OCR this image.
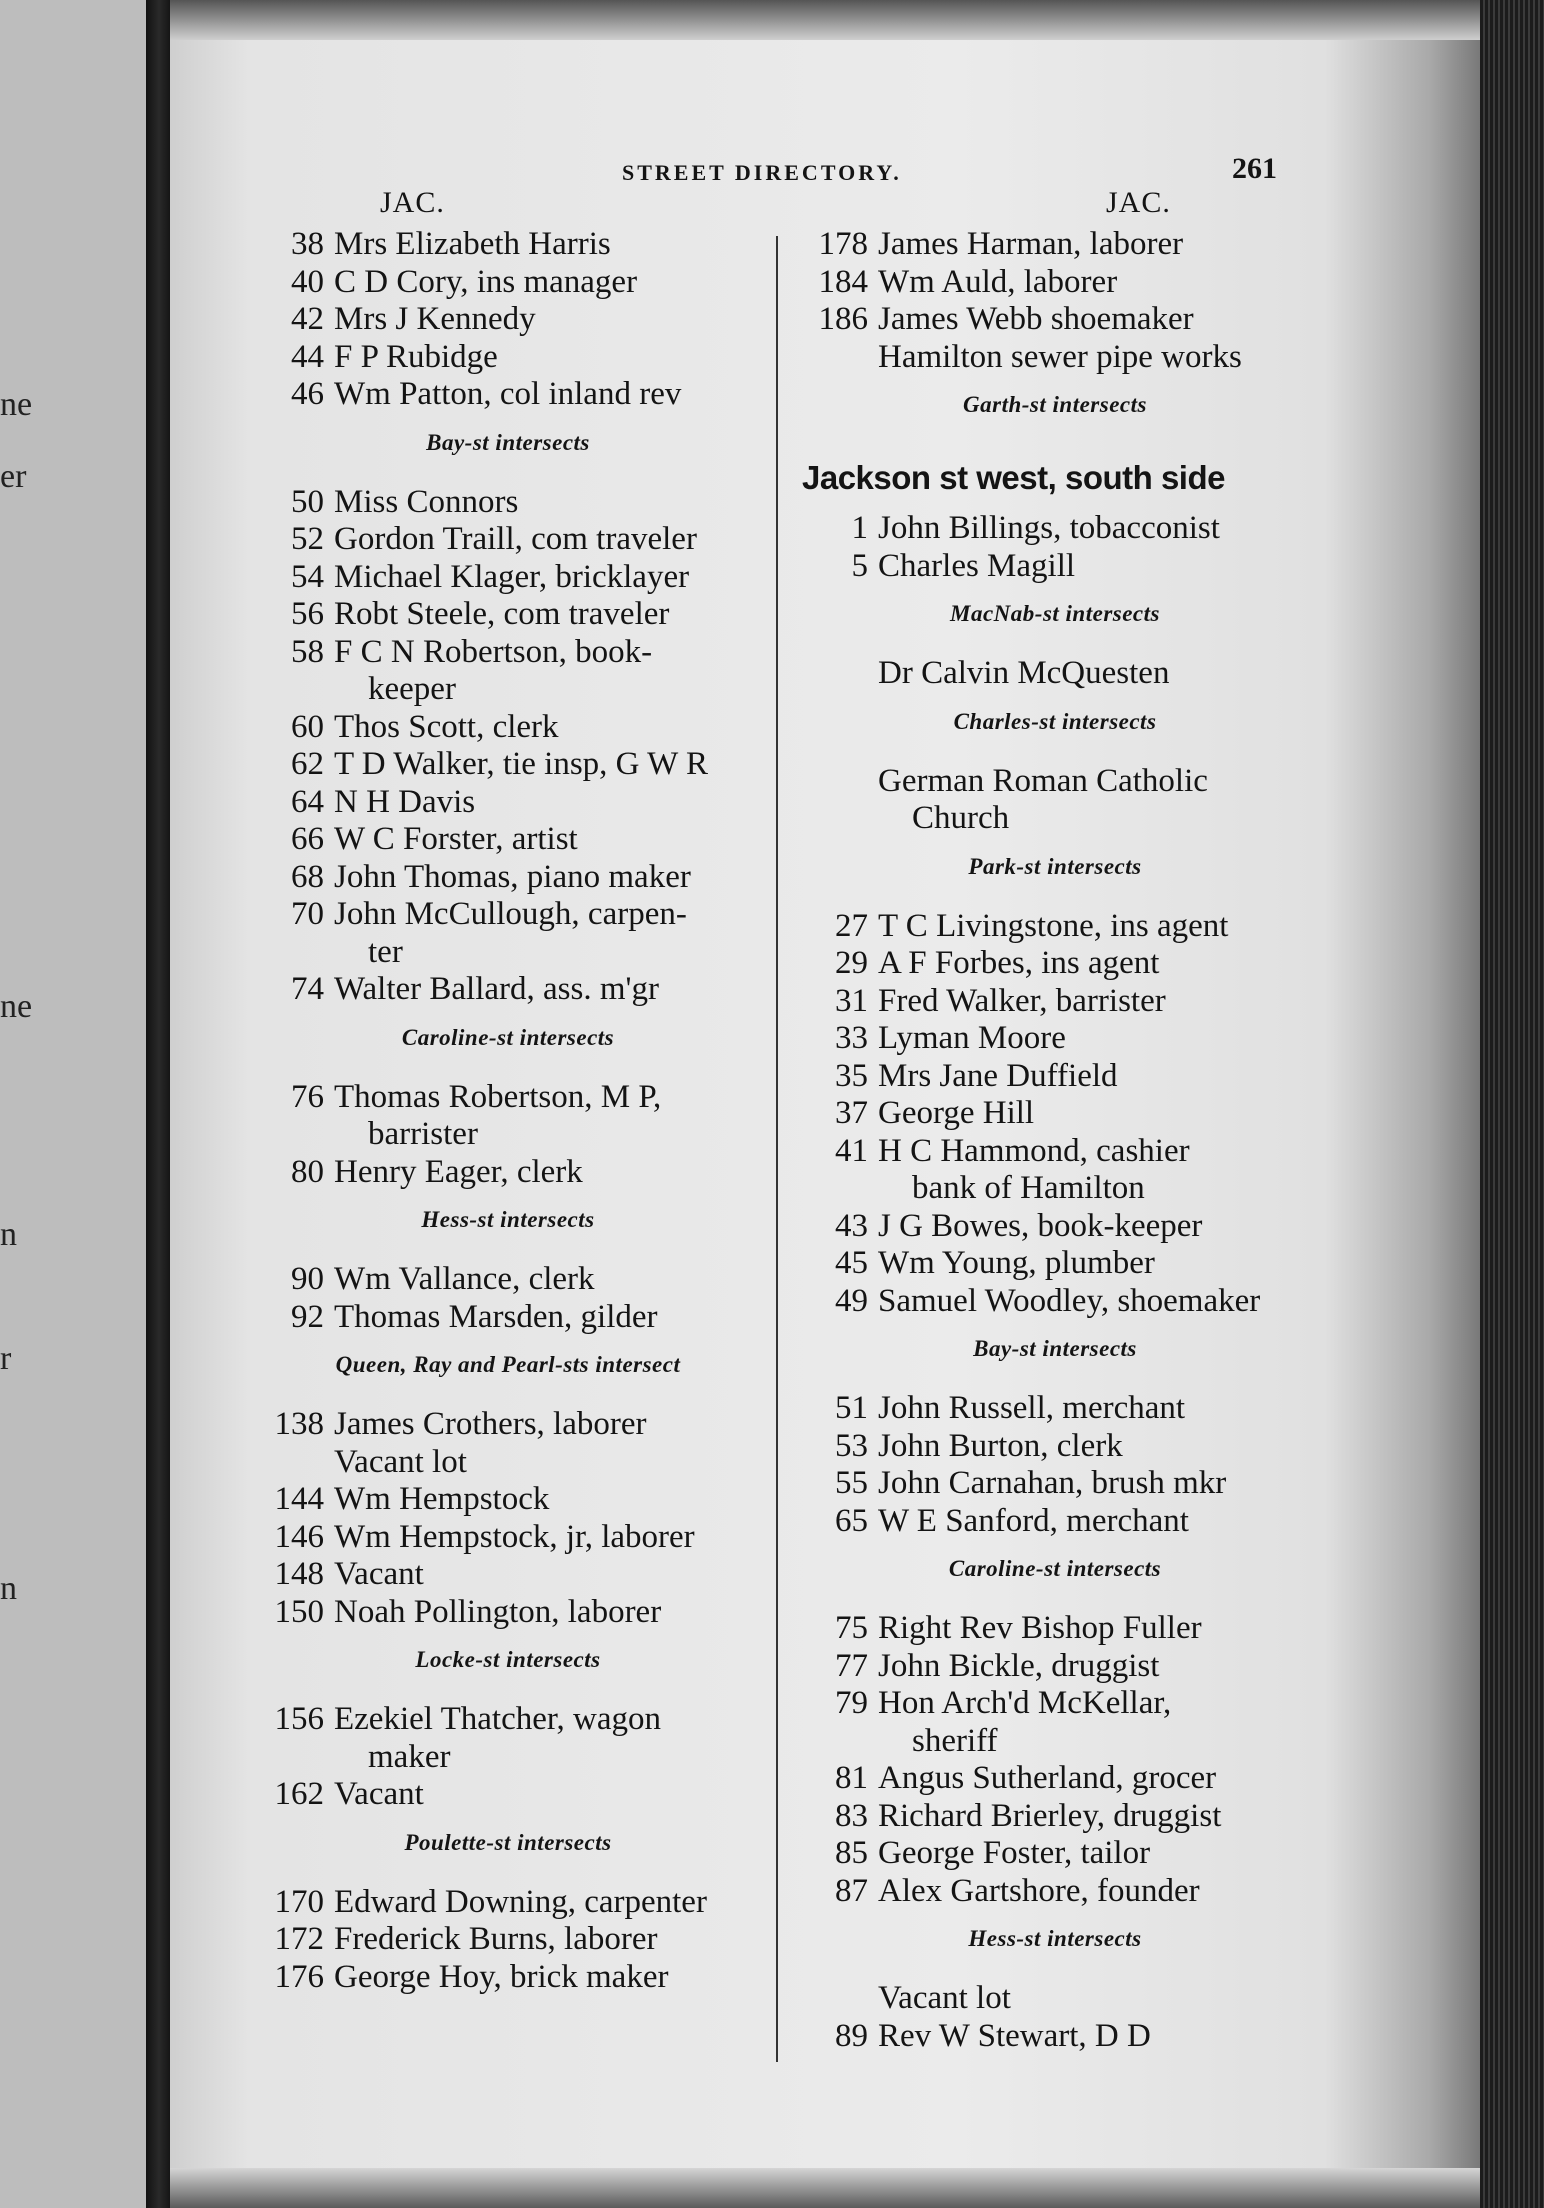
ne
er
ne
n
r
n
STREET DIRECTORY.	261
JAC.	JAC.
38 Mrs Elizabeth Harris
40 C D Cory, ins manager
42 Mrs J Kennedy
44 F P Rubidge
46 Wm Patton, col inland rev
Bay-st intersects
50 Miss Connors
52 Gordon Traill, com traveler
54 Michael Klager, bricklayer
56 Robt Steele, com traveler
58 F C N Robertson, book-
keeper
60 Thos Scott, clerk
62 T D Walker, tie insp, G W R
64 N H Davis
66 W C Forster, artist
68 John Thomas, piano maker
70 John McCullough, carpen-
ter
74 Walter Ballard, ass. m'gr
Caroline-st intersects
76 Thomas Robertson, M P,
barrister
80 Henry Eager, clerk
Hess-st intersects
90 Wm Vallance, clerk
92 Thomas Marsden, gilder
Queen, Ray and Pearl-sts intersect
138 James Crothers, laborer
Vacant lot
144 Wm Hempstock
146 Wm Hempstock, jr, laborer
148 Vacant
150 Noah Pollington, laborer
Locke-st intersects
156 Ezekiel Thatcher, wagon
maker
162 Vacant
Poulette-st intersects
170 Edward Downing, carpenter
172 Frederick Burns, laborer
176 George Hoy, brick maker
178 James Harman, laborer
184 Wm Auld, laborer
186 James Webb shoemaker
Hamilton sewer pipe works
Garth-st intersects
Jackson st west, south side
1 John Billings, tobacconist
5 Charles Magill
MacNab-st intersects
Dr Calvin McQuesten
Charles-st intersects
German Roman Catholic
Church
Park-st intersects
27 T C Livingstone, ins agent
29 A F Forbes, ins agent
31 Fred Walker, barrister
33 Lyman Moore
35 Mrs Jane Duffield
37 George Hill
41 H C Hammond, cashier
bank of Hamilton
43 J G Bowes, book-keeper
45 Wm Young, plumber
49 Samuel Woodley, shoemaker
Bay-st intersects
51 John Russell, merchant
53 John Burton, clerk
55 John Carnahan, brush mkr
65 W E Sanford, merchant
Caroline-st intersects
75 Right Rev Bishop Fuller
77 John Bickle, druggist
79 Hon Arch'd McKellar,
sheriff
81 Angus Sutherland, grocer
83 Richard Brierley, druggist
85 George Foster, tailor
87 Alex Gartshore, founder
Hess-st intersects
Vacant lot
89 Rev W Stewart, D D
